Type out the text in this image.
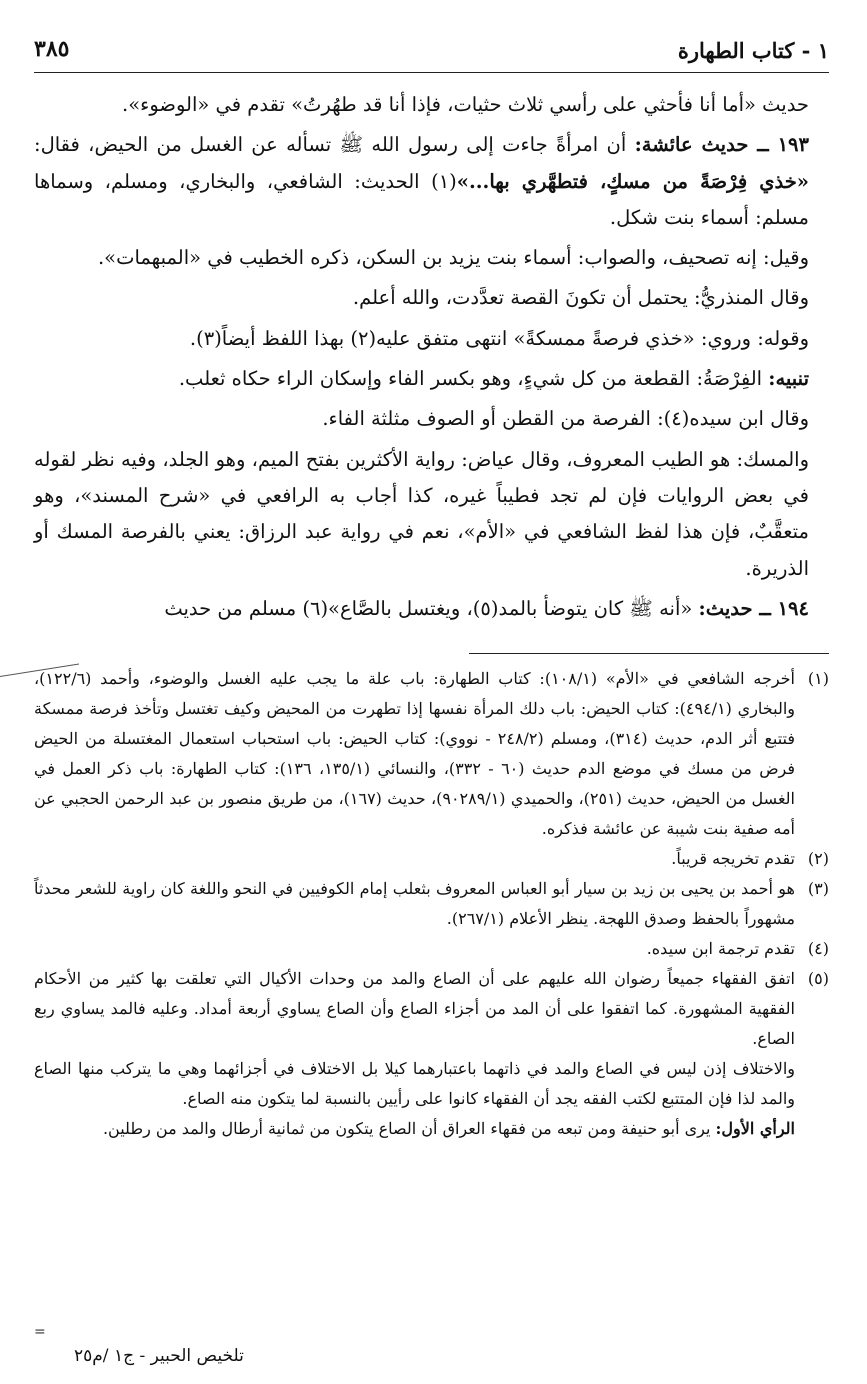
١ - كتاب الطهارة
٣٨٥

حديث «أما أنا فأحثي على رأسي ثلاث حثيات، فإذا أنا قد طهُرتُ» تقدم في «الوضوء».

١٩٣ ــ حديث عائشة: أن امرأةً جاءت إلى رسول الله ﷺ تسأله عن الغسل من الحيض، فقال: «خذي فِرْصَةً من مسكٍ، فتطهَّري بها...»(١) الحديث: الشافعي، والبخاري، ومسلم، وسماها مسلم: أسماء بنت شكل.

وقيل: إنه تصحيف، والصواب: أسماء بنت يزيد بن السكن، ذكره الخطيب في «المبهمات».

وقال المنذريُّ: يحتمل أن تكونَ القصة تعدَّدت، والله أعلم.

وقوله: وروي: «خذي فرصةً ممسكةً» انتهى متفق عليه(٢) بهذا اللفظ أيضاً(٣).

تنبيه: الفِرْصَةُ: القطعة من كل شيءٍ، وهو بكسر الفاء وإسكان الراء حكاه ثعلب.

وقال ابن سيده(٤): الفرصة من القطن أو الصوف مثلثة الفاء.

والمسك: هو الطيب المعروف، وقال عياض: رواية الأكثرين بفتح الميم، وهو الجلد، وفيه نظر لقوله في بعض الروايات فإن لم تجد فطيباً غيره، كذا أجاب به الرافعي في «شرح المسند»، وهو متعقَّبٌ، فإن هذا لفظ الشافعي في «الأم»، نعم في رواية عبد الرزاق: يعني بالفرصة المسك أو الذريرة.

١٩٤ ــ حديث: «أنه ﷺ كان يتوضأ بالمد(٥)، ويغتسل بالصَّاع»(٦) مسلم من حديث

(١)
أخرجه الشافعي في «الأم» (١٠٨/١): كتاب الطهارة: باب علة ما يجب عليه الغسل والوضوء، وأحمد (١٢٢/٦)، والبخاري (٤٩٤/١): كتاب الحيض: باب دلك المرأة نفسها إذا تطهرت من المحيض وكيف تغتسل وتأخذ فرصة ممسكة فتتبع أثر الدم، حديث (٣١٤)، ومسلم (٢٤٨/٢ - نووي): كتاب الحيض: باب استحباب استعمال المغتسلة من الحيض فرض من مسك في موضع الدم حديث (٦٠ - ٣٣٢)، والنسائي (١٣٥/١، ١٣٦): كتاب الطهارة: باب ذكر العمل في الغسل من الحيض، حديث (٢٥١)، والحميدي (٩٠٢٨٩/١)، حديث (١٦٧)، من طريق منصور بن عبد الرحمن الحجبي عن أمه صفية بنت شيبة عن عائشة فذكره.
(٢)
تقدم تخريجه قريباً.
(٣)
هو أحمد بن يحيى بن زيد بن سيار أبو العباس المعروف بثعلب إمام الكوفيين في النحو واللغة كان راوية للشعر محدثاً مشهوراً بالحفظ وصدق اللهجة. ينظر الأعلام (٢٦٧/١).
(٤)
تقدم ترجمة ابن سيده.
(٥)
اتفق الفقهاء جميعاً رضوان الله عليهم على أن الصاع والمد من وحدات الأكيال التي تعلقت بها كثير من الأحكام الفقهية المشهورة. كما اتفقوا على أن المد من أجزاء الصاع وأن الصاع يساوي أربعة أمداد. وعليه فالمد يساوي ربع الصاع.
والاختلاف إذن ليس في الصاع والمد في ذاتهما باعتبارهما كيلا بل الاختلاف في أجزائهما وهي ما يتركب منها الصاع والمد لذا فإن المتتبع لكتب الفقه يجد أن الفقهاء كانوا على رأيين بالنسبة لما يتكون منه الصاع.
الرأي الأول: يرى أبو حنيفة ومن تبعه من فقهاء العراق أن الصاع يتكون من ثمانية أرطال والمد من رطلين.
=
تلخيص الحبير - ج١ /م٢٥
